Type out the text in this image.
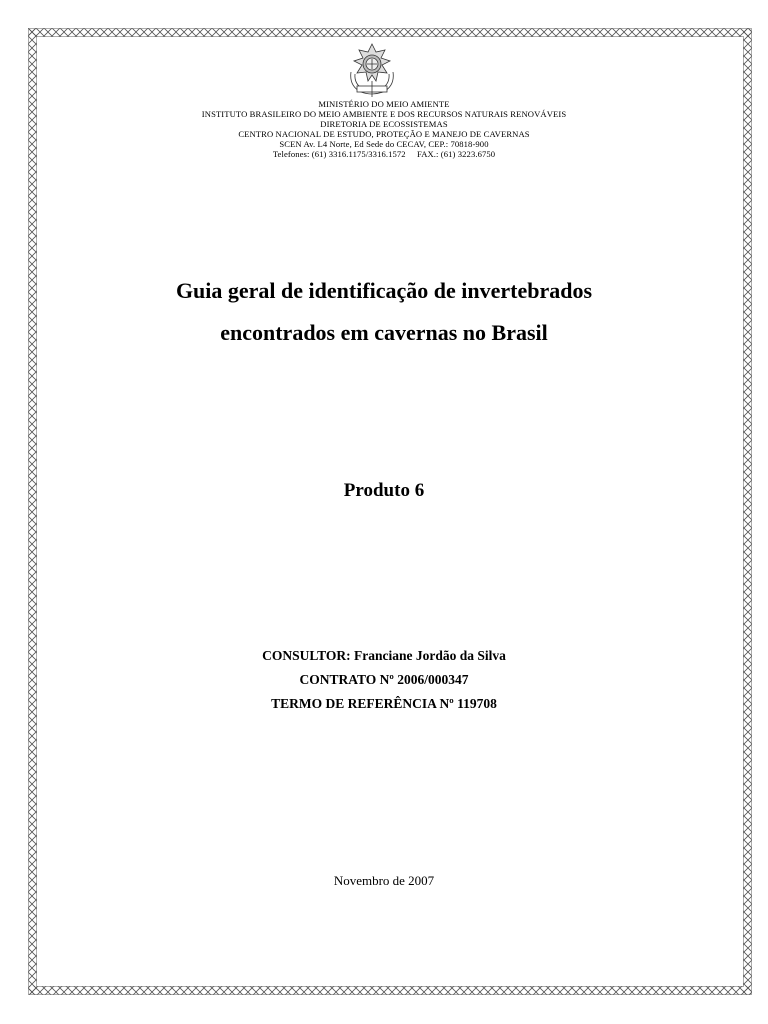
MINISTÉRIO DO MEIO AMIENTE
INSTITUTO BRASILEIRO DO MEIO AMBIENTE E DOS RECURSOS NATURAIS RENOVÁVEIS
DIRETORIA DE ECOSSISTEMAS
CENTRO NACIONAL DE ESTUDO, PROTEÇÃO E MANEJO DE CAVERNAS
SCEN Av. L4 Norte, Ed Sede do CECAV, CEP.: 70818-900
Telefones: (61) 3316.1175/3316.1572     FAX.: (61) 3223.6750
Guia geral de identificação de invertebrados
encontrados em cavernas no Brasil
Produto 6
CONSULTOR: Franciane Jordão da Silva
CONTRATO Nº 2006/000347
TERMO DE REFERÊNCIA Nº 119708
Novembro de 2007
